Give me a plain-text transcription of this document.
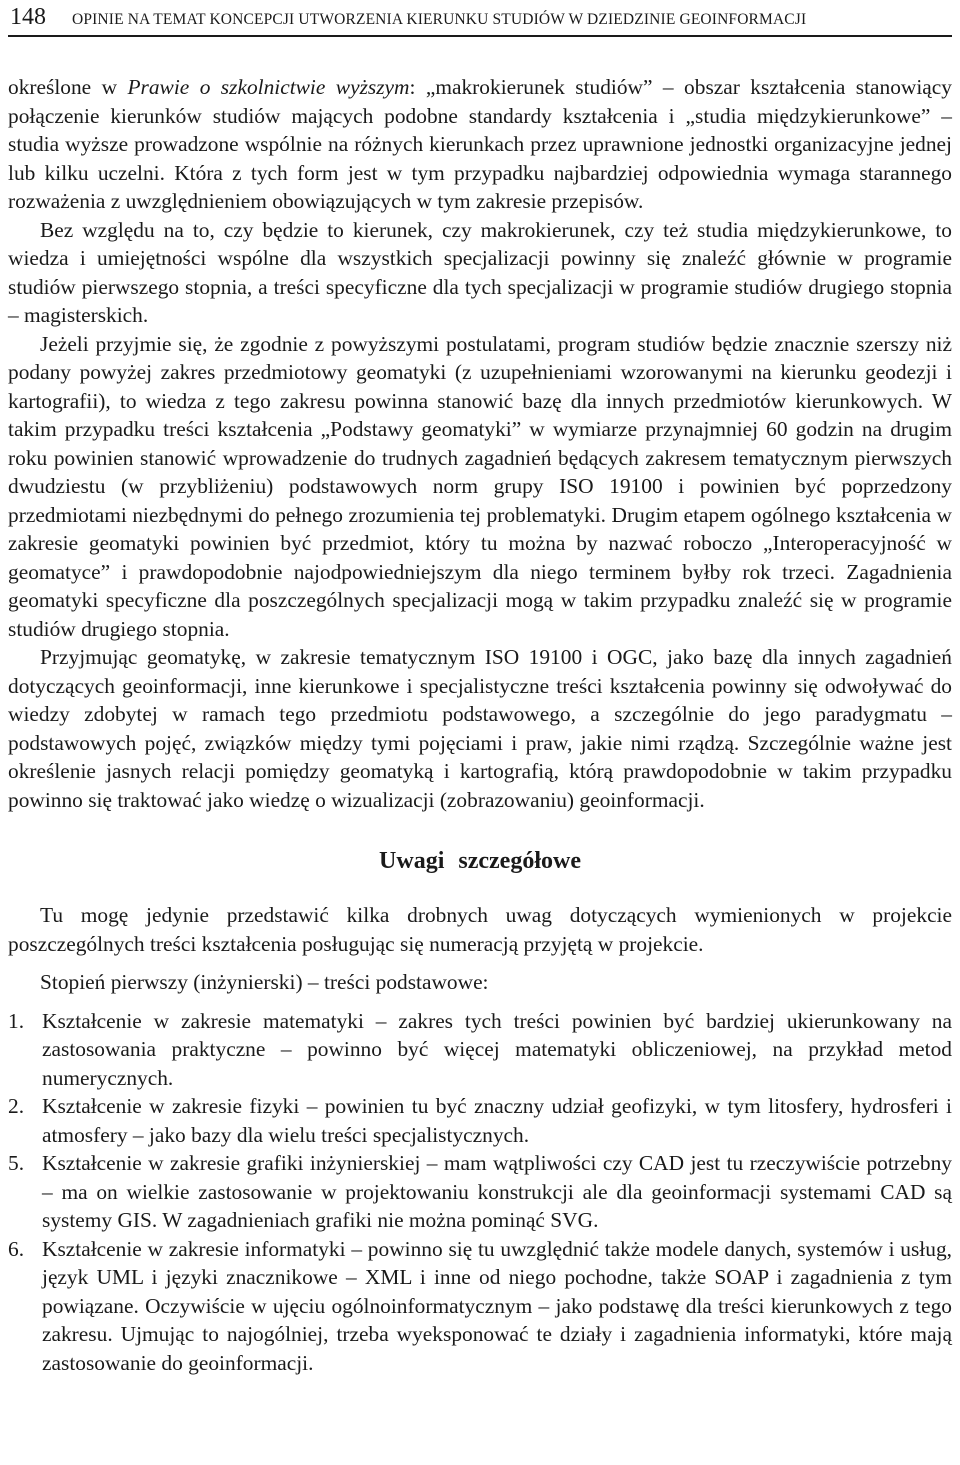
148 OPINIE NA TEMAT KONCEPCJI UTWORZENIA KIERUNKU STUDIÓW W DZIEDZINIE GEOINFORMACJI

określone w Prawie o szkolnictwie wyższym: „makrokierunek studiów” – obszar kształcenia stanowiący połączenie kierunków studiów mających podobne standardy kształcenia i „studia międzykierunkowe” – studia wyższe prowadzone wspólnie na różnych kierunkach przez uprawnione jednostki organizacyjne jednej lub kilku uczelni. Która z tych form jest w tym przypadku najbardziej odpowiednia wymaga starannego rozważenia z uwzględnieniem obowiązujących w tym zakresie przepisów.

Bez względu na to, czy będzie to kierunek, czy makrokierunek, czy też studia międzykierunkowe, to wiedza i umiejętności wspólne dla wszystkich specjalizacji powinny się znaleźć głównie w programie studiów pierwszego stopnia, a treści specyficzne dla tych specjalizacji w programie studiów drugiego stopnia – magisterskich.

Jeżeli przyjmie się, że zgodnie z powyższymi postulatami, program studiów będzie znacznie szerszy niż podany powyżej zakres przedmiotowy geomatyki (z uzupełnieniami wzorowanymi na kierunku geodezji i kartografii), to wiedza z tego zakresu powinna stanowić bazę dla innych przedmiotów kierunkowych. W takim przypadku treści kształcenia „Podstawy geomatyki” w wymiarze przynajmniej 60 godzin na drugim roku powinien stanowić wprowadzenie do trudnych zagadnień będących zakresem tematycznym pierwszych dwudziestu (w przybliżeniu) podstawowych norm grupy ISO 19100 i powinien być poprzedzony przedmiotami niezbędnymi do pełnego zrozumienia tej problematyki. Drugim etapem ogólnego kształcenia w zakresie geomatyki powinien być przedmiot, który tu można by nazwać roboczo „Interoperacyjność w geomatyce” i prawdopodobnie najodpowiedniejszym dla niego terminem byłby rok trzeci. Zagadnienia geomatyki specyficzne dla poszczególnych specjalizacji mogą w takim przypadku znaleźć się w programie studiów drugiego stopnia.

Przyjmując geomatykę, w zakresie tematycznym ISO 19100 i OGC, jako bazę dla innych zagadnień dotyczących geoinformacji, inne kierunkowe i specjalistyczne treści kształcenia powinny się odwoływać do wiedzy zdobytej w ramach tego przedmiotu podstawowego, a szczególnie do jego paradygmatu – podstawowych pojęć, związków między tymi pojęciami i praw, jakie nimi rządzą. Szczególnie ważne jest określenie jasnych relacji pomiędzy geomatyką i kartografią, którą prawdopodobnie w takim przypadku powinno się traktować jako wiedzę o wizualizacji (zobrazowaniu) geoinformacji.

Uwagi szczegółowe

Tu mogę jedynie przedstawić kilka drobnych uwag dotyczących wymienionych w projekcie poszczególnych treści kształcenia posługując się numeracją przyjętą w projekcie.

Stopień pierwszy (inżynierski) – treści podstawowe:

1. Kształcenie w zakresie matematyki – zakres tych treści powinien być bardziej ukierunkowany na zastosowania praktyczne – powinno być więcej matematyki obliczeniowej, na przykład metod numerycznych.
2. Kształcenie w zakresie fizyki – powinien tu być znaczny udział geofizyki, w tym litosfery, hydrosferi i atmosfery – jako bazy dla wielu treści specjalistycznych.
5. Kształcenie w zakresie grafiki inżynierskiej – mam wątpliwości czy CAD jest tu rzeczywiście potrzebny – ma on wielkie zastosowanie w projektowaniu konstrukcji ale dla geoinformacji systemami CAD są systemy GIS. W zagadnieniach grafiki nie można pominąć SVG.
6. Kształcenie w zakresie informatyki – powinno się tu uwzględnić także modele danych, systemów i usług, język UML i języki znacznikowe – XML i inne od niego pochodne, także SOAP i zagadnienia z tym powiązane. Oczywiście w ujęciu ogólnoinformatycznym – jako podstawę dla treści kierunkowych z tego zakresu. Ujmując to najogólniej, trzeba wyeksponować te działy i zagadnienia informatyki, które mają zastosowanie do geoinformacji.
